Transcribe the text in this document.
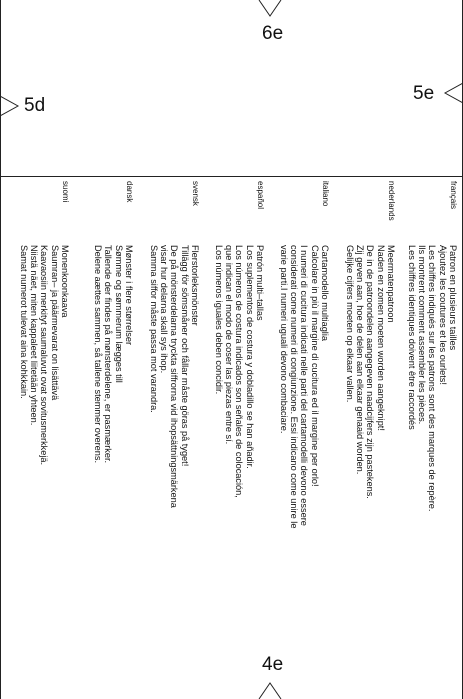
6e
5d
5e
4e
français
Patron en plusieurs tailles
Ajoutez les coutures et les ourlets!
Les chiffres indiqués sur les patrons sont des marques de repère.
Ils montrent comment assembler les pièces.
Les chiffres identiques doivent être raccordés
nederlands
Meermatenpatroon
Naden en zomen moeten worden aangeknipt!
De in de patroondelen aangegeven naadcijfers zijn pastekens.
Zij geven aan, hoe de delen aan elkaar genaaid worden.
Gelijke cijfers moeten op elkaar vallen.
italiano
Cartamodello multiaglia
Calcolare in più il margine di cucitura ed il margine per orlo!
I numeri di cucitura indicati nelle parti del cartamodelli devono essere
considerati come numeri di congiunzione. Essi indicano come unire le
varie parti.I numeri uguali devono combaciare.
español
Patrón multi–tallas
Los suplementos de costura y dobladillo se han añadir.
Los números de costura indicados son señales de colocación,
que indican el modo de coser las piezas entre sí.
Los números iguales deben concidir.
svensk
Flerstorleksmönster
Tillägg för sömsmåner och fållar måste göras på tyget!
De på mönsterdelarna tryckta siffrorna vid ihopsättningsmärkena
visar hur delarna skall sys ihop.
Samma siffor måste passa mot varandra.
dansk
Mønster i flere størrelser
Sømme og sømmerum lægges till
Tallende der findes på mønsterdelene, er pasmærker.
Delene aættes sammen, så tallene stemmer overens.
suomi
Monenkoonkaava
Saumran– ja päärmevarat on lisättävä
Kaavaosiin merkityt saumaluvut ovat sovitusmerkkejä.
Niistä näet, miten kappaleet liitetään yhteen.
Samat numerot tulevat aina kohkkain.
